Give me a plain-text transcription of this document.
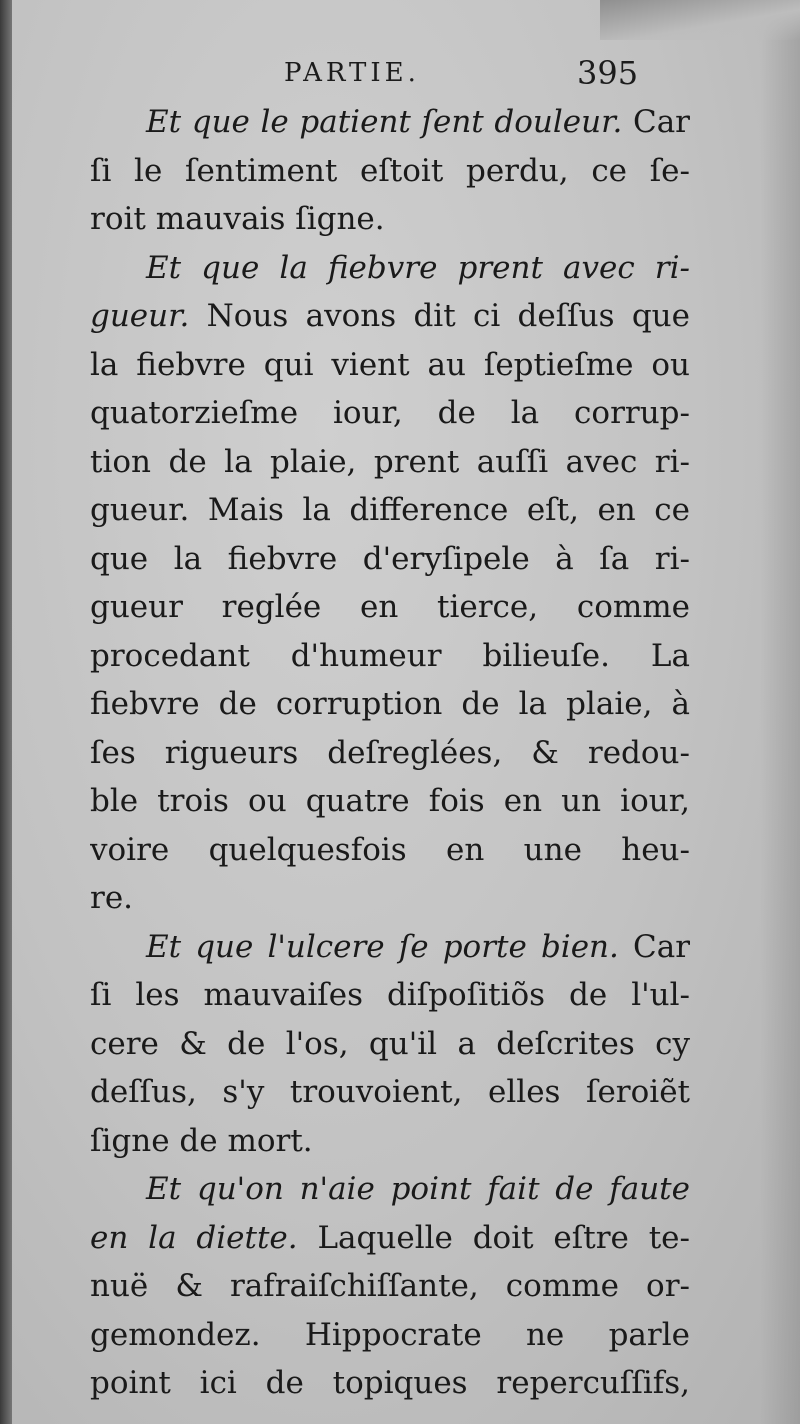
PARTIE.	395
Et que le patient ſent douleur. Car
ſi le ſentiment eſtoit perdu, ce ſe-
roit mauvais ſigne.
Et que la fiebvre prent avec ri-
gueur. Nous avons dit ci deſſus que
la fiebvre qui vient au ſeptieſme ou
quatorzieſme iour, de la corrup-
tion de la plaie, prent auſſi avec ri-
gueur. Mais la difference eſt, en ce
que la fiebvre d'eryſipele à ſa ri-
gueur reglée en tierce, comme
procedant d'humeur bilieuſe. La
fiebvre de corruption de la plaie, à
ſes rigueurs deſreglées, & redou-
ble trois ou quatre fois en un iour,
voire quelquesfois en une heu-
re.
Et que l'ulcere ſe porte bien. Car
ſi les mauvaiſes diſpoſitiõs de l'ul-
cere & de l'os, qu'il a deſcrites cy
deſſus, s'y trouvoient, elles ſeroiẽt
ſigne de mort.
Et qu'on n'aie point fait de faute
en la diette. Laquelle doit eſtre te-
nuë & rafraiſchiſſante, comme or-
gemondez. Hippocrate ne parle
point ici de topiques repercuſſifs,
